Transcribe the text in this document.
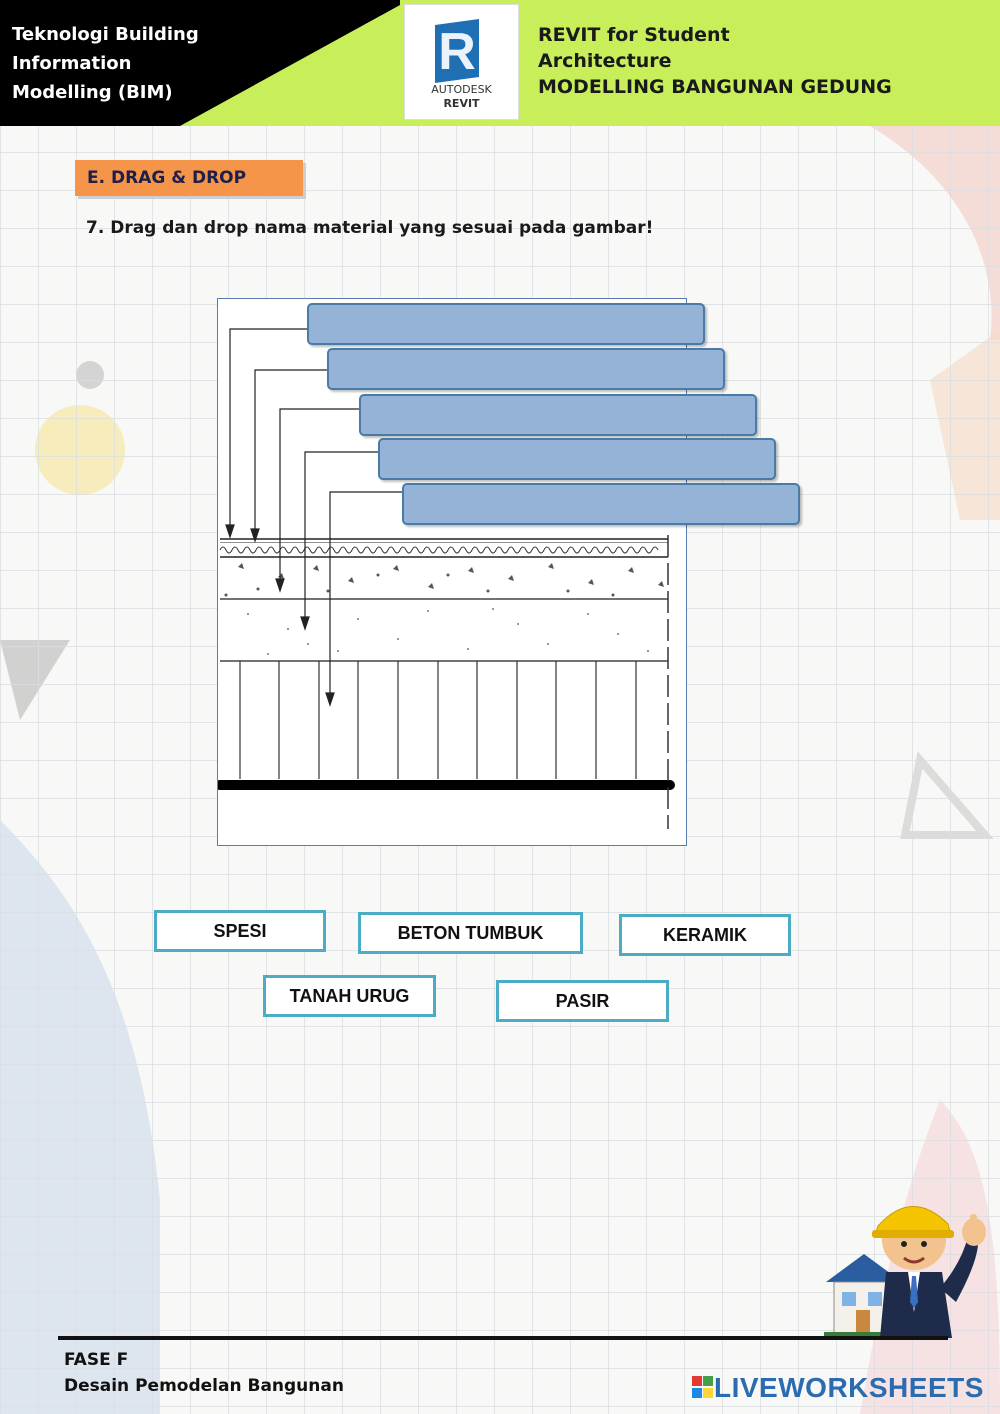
Teknologi Building
Information
Modelling (BIM)
R
AUTODESK
REVIT
REVIT for Student
Architecture
MODELLING BANGUNAN GEDUNG
E. DRAG & DROP
7. Drag dan drop nama material yang sesuai pada gambar!
SPESI	BETON TUMBUK	KERAMIK
TANAH URUG	PASIR
FASE F
Desain Pemodelan Bangunan	LIVEWORKSHEETS
